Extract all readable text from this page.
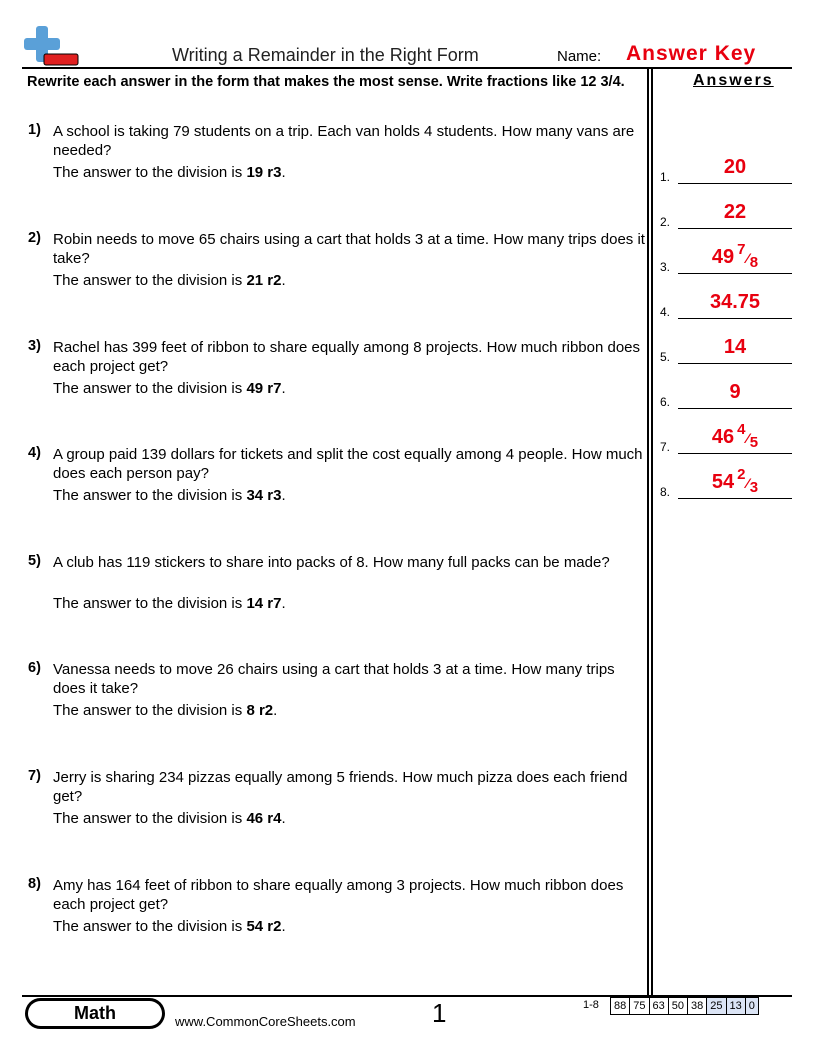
Writing a Remainder in the Right Form	Name: Answer Key
Rewrite each answer in the form that makes the most sense. Write fractions like 12 3/4.	Answers
1) A school is taking 79 students on a trip. Each van holds 4 students. How many vans are needed?
The answer to the division is 19 r3.
2) Robin needs to move 65 chairs using a cart that holds 3 at a time. How many trips does it take?
The answer to the division is 21 r2.
3) Rachel has 399 feet of ribbon to share equally among 8 projects. How much ribbon does each project get?
The answer to the division is 49 r7.
4) A group paid 139 dollars for tickets and split the cost equally among 4 people. How much does each person pay?
The answer to the division is 34 r3.
5) A club has 119 stickers to share into packs of 8. How many full packs can be made?
The answer to the division is 14 r7.
6) Vanessa needs to move 26 chairs using a cart that holds 3 at a time. How many trips does it take?
The answer to the division is 8 r2.
7) Jerry is sharing 234 pizzas equally among 5 friends. How much pizza does each friend get?
The answer to the division is 46 r4.
8) Amy has 164 feet of ribbon to share equally among 3 projects. How much ribbon does each project get?
The answer to the division is 54 r2.
1.	20
2.	22
3.	49 $^7⁄_8$
4.	34.75
5.	14
6.	9
7.	46 $^4⁄_5$
8.	54 $^2⁄_3$
Math	www.CommonCoreSheets.com	1	1-8 88	75	63	50	38	25	13	0
